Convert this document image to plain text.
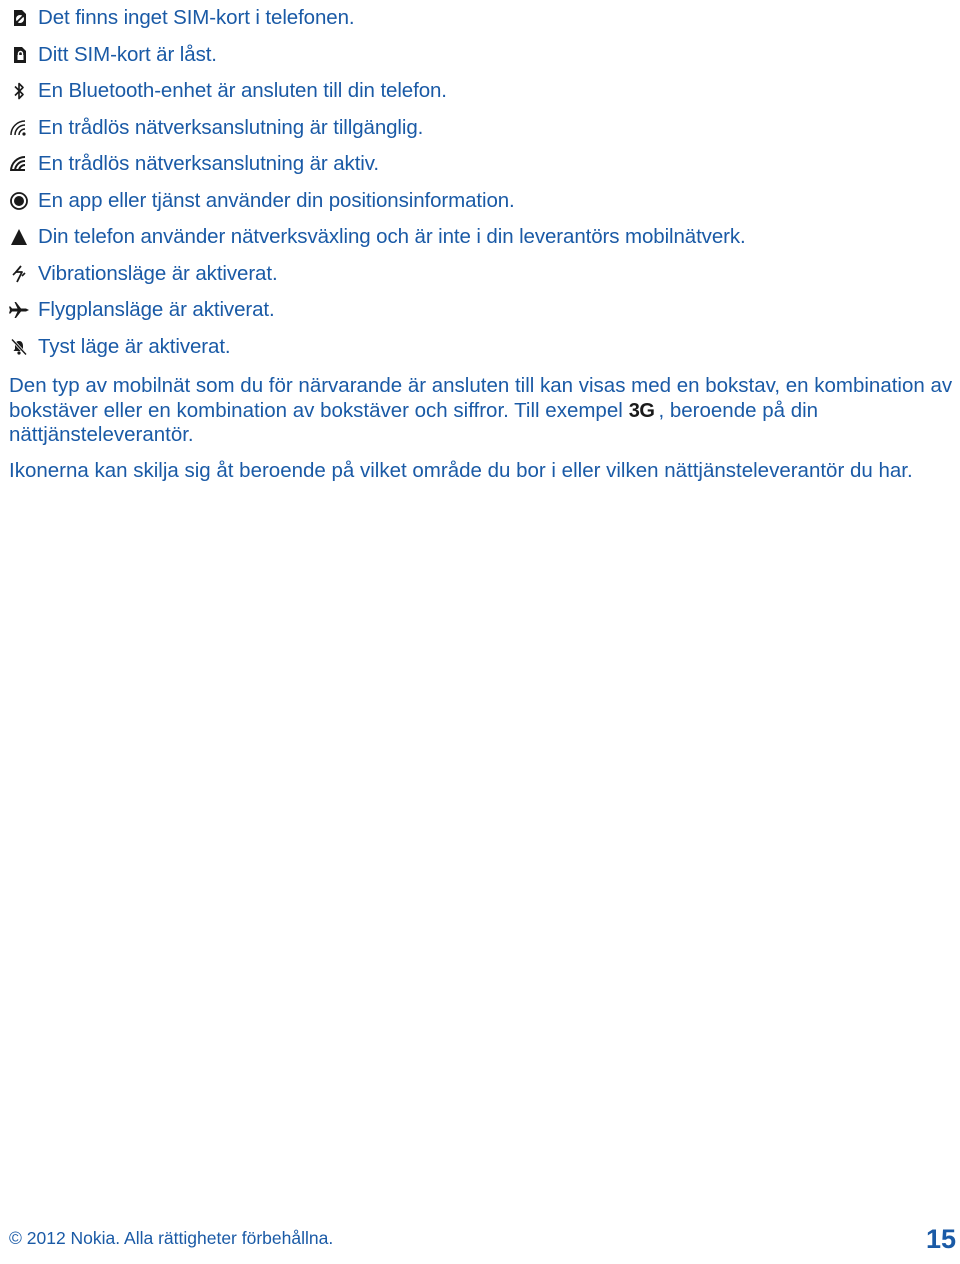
Det finns inget SIM-kort i telefonen.
Ditt SIM-kort är låst.
En Bluetooth-enhet är ansluten till din telefon.
En trådlös nätverksanslutning är tillgänglig.
En trådlös nätverksanslutning är aktiv.
En app eller tjänst använder din positionsinformation.
Din telefon använder nätverksväxling och är inte i din leverantörs mobilnätverk.
Vibrationsläge är aktiverat.
Flygplansläge är aktiverat.
Tyst läge är aktiverat.

Den typ av mobilnät som du för närvarande är ansluten till kan visas med en bokstav, en kombination av bokstäver eller en kombination av bokstäver och siffror. Till exempel 3G , beroende på din nättjänsteleverantör.

Ikonerna kan skilja sig åt beroende på vilket område du bor i eller vilken nättjänsteleverantör du har.

© 2012 Nokia. Alla rättigheter förbehållna.	15
